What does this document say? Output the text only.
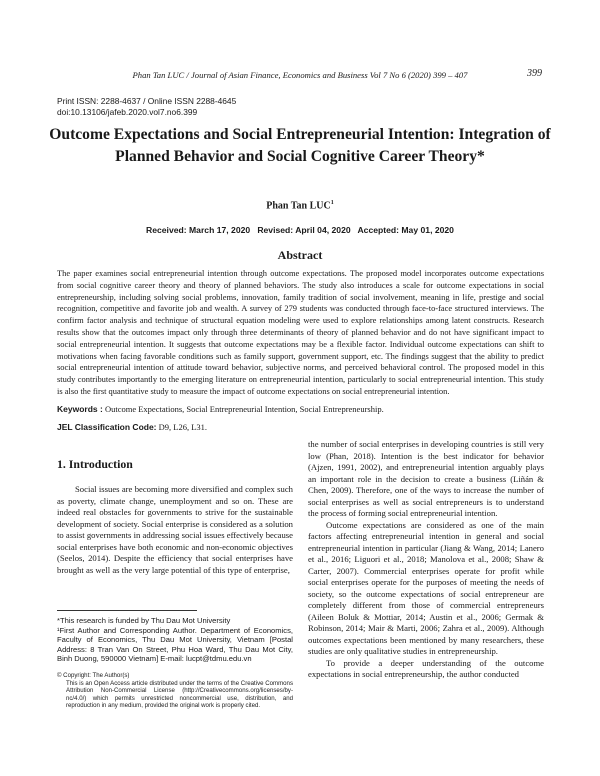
Phan Tan LUC / Journal of Asian Finance, Economics and Business Vol 7 No 6 (2020) 399 – 407	399
Print ISSN: 2288-4637 / Online ISSN 2288-4645
doi:10.13106/jafeb.2020.vol7.no6.399
Outcome Expectations and Social Entrepreneurial Intention: Integration of
Planned Behavior and Social Cognitive Career Theory*
Phan Tan LUC$^1$
Received: March 17, 2020   Revised: April 04, 2020   Accepted: May 01, 2020
Abstract
The paper examines social entrepreneurial intention through outcome expectations. The proposed model incorporates outcome expectations from social cognitive career theory and theory of planned behaviors. The study also introduces a scale for outcome expectations in social entrepreneurship, including solving social problems, innovation, family tradition of social involvement, meaning in life, prestige and social recognition, competitive and favorite job and wealth. A survey of 279 students was conducted through face-to-face structured interviews. The confirm factor analysis and technique of structural equation modeling were used to explore relationships among latent constructs. Research results show that the outcomes impact only through three determinants of theory of planned behavior and do not have significant impact to social entrepreneurial intention. It suggests that outcome expectations may be a flexible factor. Individual outcome expectations can shift to motivations when facing favorable conditions such as family support, government support, etc. The findings suggest that the ability to predict social entrepreneurial intention of attitude toward behavior, subjective norms, and perceived behavioral control. The proposed model in this study contributes importantly to the emerging literature on entrepreneurial intention, particularly to social entrepreneurial intention. This study is also the first quantitative study to measure the impact of outcome expectations on social entrepreneurial intention.
Keywords : Outcome Expectations, Social Entrepreneurial Intention, Social Entrepreneurship.
JEL Classification Code: D9, L26, L31.
1. Introduction

Social issues are becoming more diversified and complex such as poverty, climate change, unemployment and so on. These are indeed real obstacles for governments to strive for the sustainable development of society. Social enterprise is considered as a solution to assist governments in addressing social issues effectively because social enterprises have both economic and non-economic objectives (Seelos, 2014). Despite the efficiency that social enterprises have brought as well as the very large potential of this type of enterprise,

the number of social enterprises in developing countries is still very low (Phan, 2018). Intention is the best indicator for behavior (Ajzen, 1991, 2002), and entrepreneurial intention arguably plays an important role in the decision to create a business (Liñán & Chen, 2009). Therefore, one of the ways to increase the number of social enterprises as well as social entrepreneurs is to understand the process of forming social entrepreneurial intention.

Outcome expectations are considered as one of the main factors affecting entrepreneurial intention in general and social entrepreneurial intention in particular (Jiang & Wang, 2014; Lanero et al., 2016; Liguori et al., 2018; Manolova et al., 2008; Shaw & Carter, 2007). Commercial enterprises operate for profit while social enterprises operate for the purposes of meeting the needs of society, so the outcome expectations of social entrepreneur are completely different from those of commercial entrepreneurs (Aileen Boluk & Mottiar, 2014; Austin et al., 2006; Germak & Robinson, 2014; Mair & Marti, 2006; Zahra et al., 2009). Although outcomes expectations been mentioned by many researchers, these studies are only qualitative studies in entrepreneurship.

To provide a deeper understanding of the outcome expectations in social entrepreneurship, the author conducted

*This research is funded by Thu Dau Mot University

¹First Author and Corresponding Author. Department of Economics, Faculty of Economics, Thu Dau Mot University, Vietnam [Postal Address: 8 Tran Van On Street, Phu Hoa Ward, Thu Dau Mot City, Binh Duong, 590000 Vietnam] E-mail: lucpt@tdmu.edu.vn

© Copyright: The Author(s)

This is an Open Access article distributed under the terms of the Creative Commons Attribution Non-Commercial License (http://Creativecommons.org/licenses/by-nc/4.0/) which permits unrestricted noncommercial use, distribution, and reproduction in any medium, provided the original work is properly cited.
